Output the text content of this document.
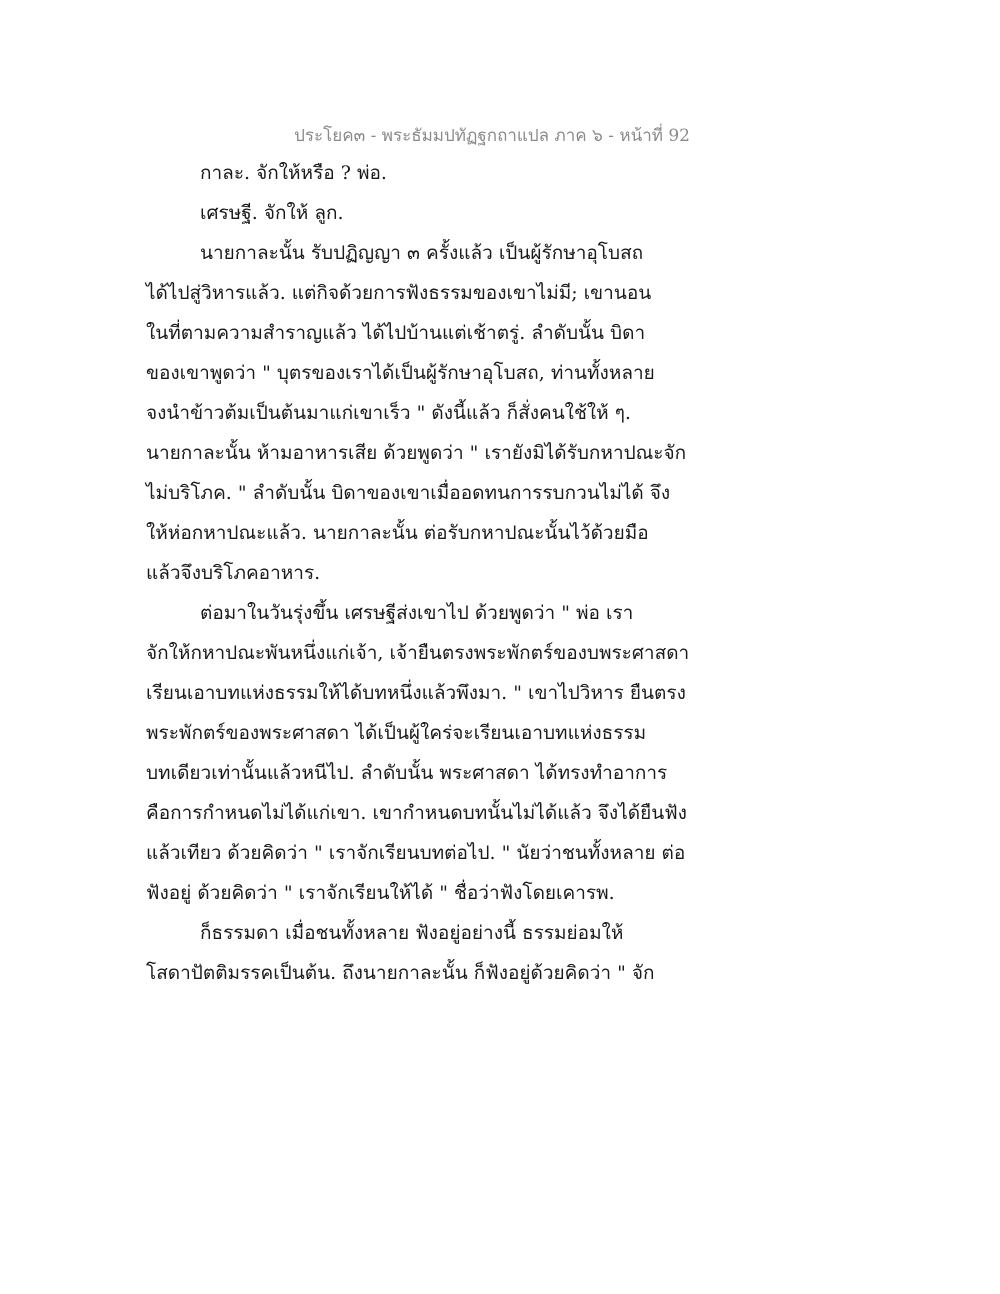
ประโยค๓ - พระธัมมปทัฏฐกถาแปล ภาค ๖ - หน้าที่ 92
กาละ. จักให้หรือ ? พ่อ.
เศรษฐี. จักให้ ลูก.
นายกาละนั้น รับปฏิญญา ๓ ครั้งแล้ว เป็นผู้รักษาอุโบสถ
ได้ไปสู่วิหารแล้ว. แต่กิจด้วยการฟังธรรมของเขาไม่มี; เขานอน
ในที่ตามความสำราญแล้ว ได้ไปบ้านแต่เช้าตรู่. ลำดับนั้น บิดา
ของเขาพูดว่า " บุตรของเราได้เป็นผู้รักษาอุโบสถ, ท่านทั้งหลาย
จงนำข้าวต้มเป็นต้นมาแก่เขาเร็ว " ดังนี้แล้ว ก็สั่งคนใช้ให้ ๆ.
นายกาละนั้น ห้ามอาหารเสีย ด้วยพูดว่า " เรายังมิได้รับกหาปณะจัก
ไม่บริโภค. " ลำดับนั้น บิดาของเขาเมื่ออดทนการรบกวนไม่ได้ จึง
ให้ห่อกหาปณะแล้ว. นายกาละนั้น ต่อรับกหาปณะนั้นไว้ด้วยมือ
แล้วจึงบริโภคอาหาร.
ต่อมาในวันรุ่งขึ้น เศรษฐีส่งเขาไป ด้วยพูดว่า " พ่อ เรา
จักให้กหาปณะพันหนึ่งแก่เจ้า, เจ้ายืนตรงพระพักตร์ของบพระศาสดา
เรียนเอาบทแห่งธรรมให้ได้บทหนึ่งแล้วพึงมา. " เขาไปวิหาร ยืนตรง
พระพักตร์ของพระศาสดา ได้เป็นผู้ใคร่จะเรียนเอาบทแห่งธรรม
บทเดียวเท่านั้นแล้วหนีไป. ลำดับนั้น พระศาสดา ได้ทรงทำอาการ
คือการกำหนดไม่ได้แก่เขา. เขากำหนดบทนั้นไม่ได้แล้ว จึงได้ยืนฟัง
แล้วเทียว ด้วยคิดว่า " เราจักเรียนบทต่อไป. " นัยว่าชนทั้งหลาย ต่อ
ฟังอยู่ ด้วยคิดว่า " เราจักเรียนให้ได้ " ชื่อว่าฟังโดยเคารพ.
ก็ธรรมดา เมื่อชนทั้งหลาย ฟังอยู่อย่างนี้ ธรรมย่อมให้
โสดาปัตติมรรคเป็นต้น. ถึงนายกาละนั้น ก็ฟังอยู่ด้วยคิดว่า " จัก
